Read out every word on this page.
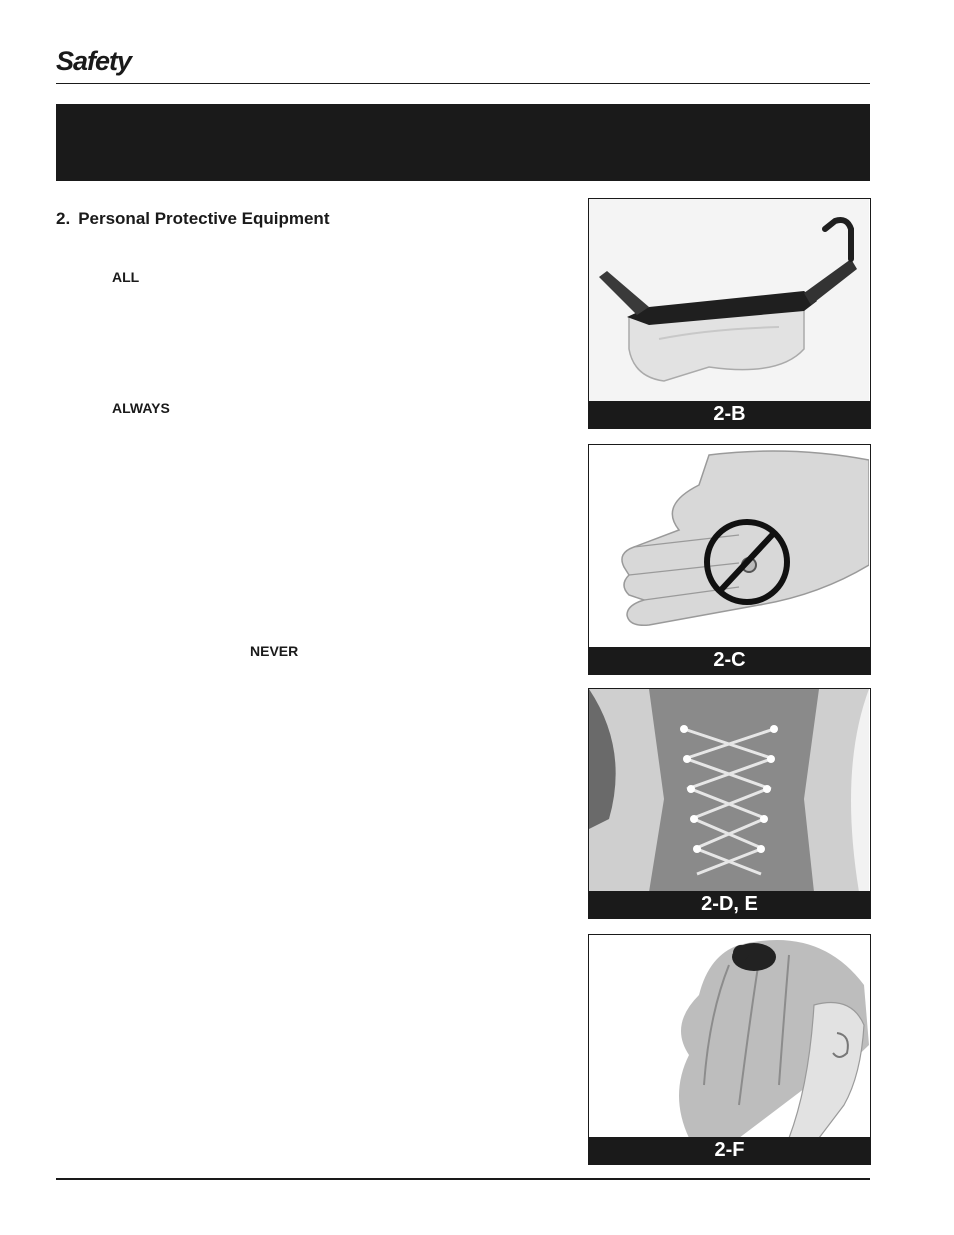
Safety
2. Personal Protective Equipment
ALL
ALWAYS
NEVER
2-B
2-C
2-D, E
2-F
